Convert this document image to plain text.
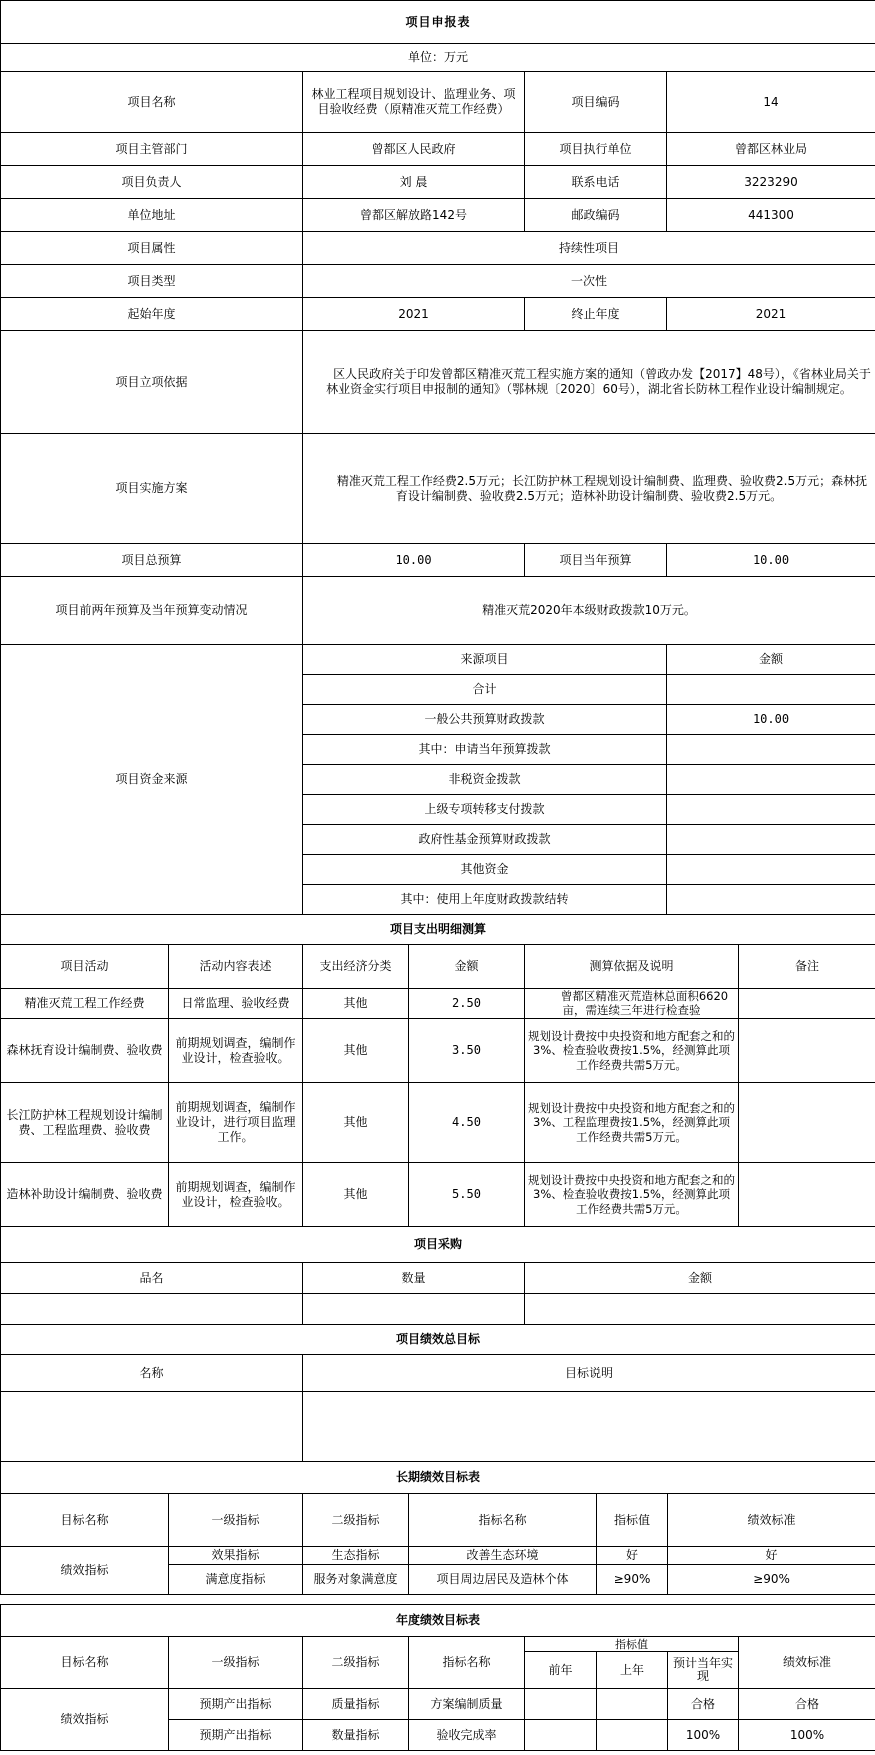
项目申报表			
单位：万元			
项目名称	林业工程项目规划设计、监理业务、项目验收经费（原精准灭荒工作经费）	项目编码	14
项目主管部门	曾都区人民政府	项目执行单位	曾都区林业局
项目负责人	刘 晨	联系电话	3223290
单位地址	曾都区解放路142号	邮政编码	441300
项目属性	持续性项目		
项目类型	一次性		
起始年度	2021	终止年度	2021
项目立项依据	区人民政府关于印发曾都区精准灭荒工程实施方案的通知（曾政办发【2017】48号），《省林业局关于林业资金实行项目申报制的通知》（鄂林规〔2020〕60号），湖北省长防林工程作业设计编制规定。		
项目实施方案	精准灭荒工程工作经费2.5万元；长江防护林工程规划设计编制费、监理费、验收费2.5万元；森林抚育设计编制费、验收费2.5万元；造林补助设计编制费、验收费2.5万元。		
项目总预算	10.00	项目当年预算	10.00
项目前两年预算及当年预算变动情况	精准灭荒2020年本级财政拨款10万元。		
项目资金来源	来源项目		金额
	合计		
	一般公共预算财政拨款		10.00
	其中：申请当年预算拨款		
	非税资金拨款		
	上级专项转移支付拨款		
	政府性基金预算财政拨款		
	其他资金		
	其中：使用上年度财政拨款结转		
项目支出明细测算					
项目活动	活动内容表述	支出经济分类	金额	测算依据及说明	备注
精准灭荒工程工作经费	日常监理、验收经费	其他	2.50	曾都区精准灭荒造林总面积6620亩，需连续三年进行检查验	
森林抚育设计编制费、验收费	前期规划调查，编制作业设计，检查验收。	其他	3.50	规划设计费按中央投资和地方配套之和的3%、检查验收费按1.5%，经测算此项工作经费共需5万元。	
长江防护林工程规划设计编制费、工程监理费、验收费	前期规划调查，编制作业设计，进行项目监理工作。	其他	4.50	规划设计费按中央投资和地方配套之和的3%、工程监理费按1.5%，经测算此项工作经费共需5万元。	
造林补助设计编制费、验收费	前期规划调查，编制作业设计，检查验收。	其他	5.50	规划设计费按中央投资和地方配套之和的3%、检查验收费按1.5%，经测算此项工作经费共需5万元。	
项目采购		
品名	数量	金额

项目绩效总目标		
名称	目标说明	

长期绩效目标表					
目标名称	一级指标	二级指标	指标名称	指标值	绩效标准
绩效指标	效果指标	生态指标	改善生态环境	好	好
	满意度指标	服务对象满意度	项目周边居民及造林个体	≥90%	≥90%
年度绩效目标表							
目标名称	一级指标	二级指标	指标名称	指标值			绩效标准
				前年	上年	预计当年实现	
绩效指标	预期产出指标	质量指标	方案编制质量			合格	合格
	预期产出指标	数量指标	验收完成率			100%	100%
